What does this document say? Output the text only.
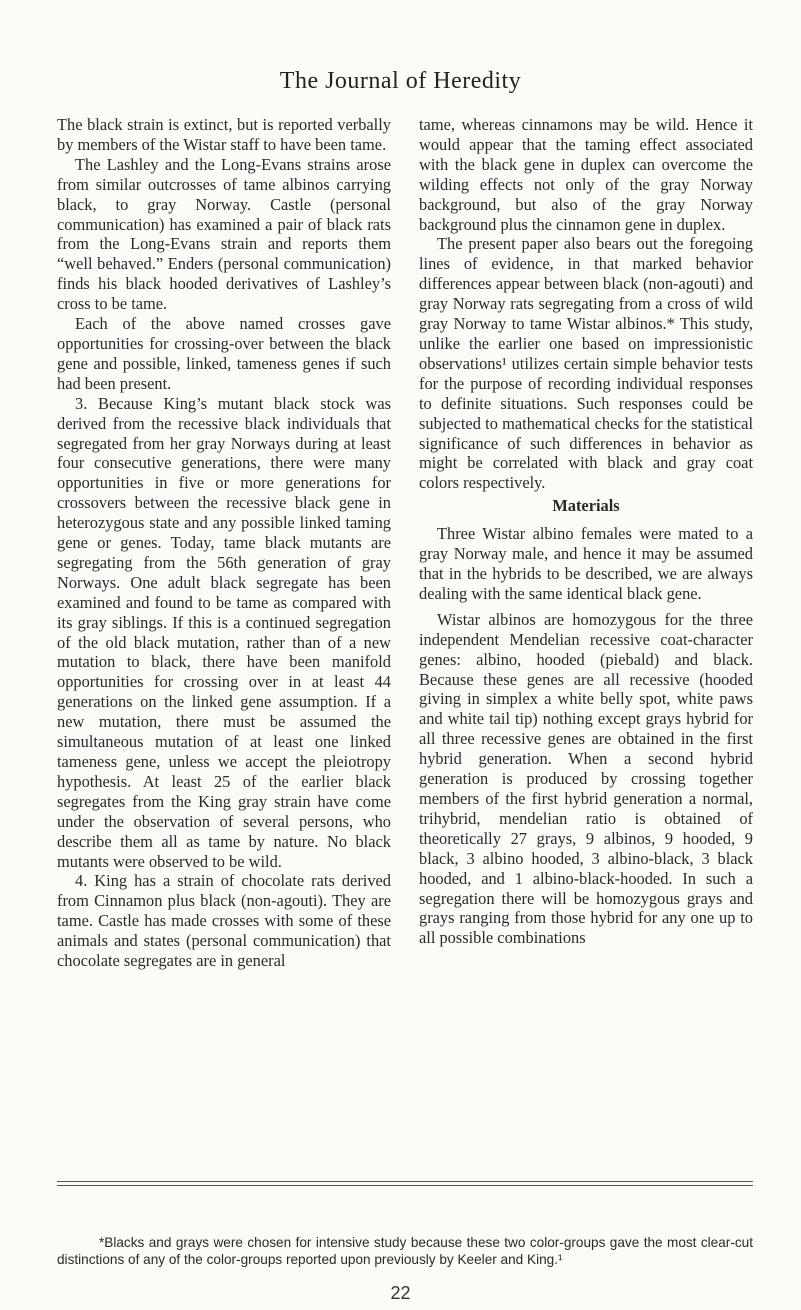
The Journal of Heredity

The black strain is extinct, but is reported verbally by members of the Wistar staff to have been tame.

The Lashley and the Long-Evans strains arose from similar outcrosses of tame albinos carrying black, to gray Norway. Castle (personal communication) has examined a pair of black rats from the Long-Evans strain and reports them “well behaved.” Enders (personal communication) finds his black hooded derivatives of Lashley’s cross to be tame.

Each of the above named crosses gave opportunities for crossing-over between the black gene and possible, linked, tameness genes if such had been present.

3. Because King’s mutant black stock was derived from the recessive black individuals that segregated from her gray Norways during at least four consecutive generations, there were many opportunities in five or more generations for crossovers between the recessive black gene in heterozygous state and any possible linked taming gene or genes. Today, tame black mutants are segregating from the 56th generation of gray Norways. One adult black segregate has been examined and found to be tame as compared with its gray siblings. If this is a continued segregation of the old black mutation, rather than of a new mutation to black, there have been manifold opportunities for crossing over in at least 44 generations on the linked gene assumption. If a new mutation, there must be assumed the simultaneous mutation of at least one linked tameness gene, unless we accept the pleiotropy hypothesis. At least 25 of the earlier black segregates from the King gray strain have come under the observation of several persons, who describe them all as tame by nature. No black mutants were observed to be wild.

4. King has a strain of chocolate rats derived from Cinnamon plus black (non-agouti). They are tame. Castle has made crosses with some of these animals and states (personal communication) that chocolate segregates are in general

tame, whereas cinnamons may be wild. Hence it would appear that the taming effect associated with the black gene in duplex can overcome the wilding effects not only of the gray Norway background, but also of the gray Norway background plus the cinnamon gene in duplex.

The present paper also bears out the foregoing lines of evidence, in that marked behavior differences appear between black (non-agouti) and gray Norway rats segregating from a cross of wild gray Norway to tame Wistar albinos.* This study, unlike the earlier one based on impressionistic observations¹ utilizes certain simple behavior tests for the purpose of recording individual responses to definite situations. Such responses could be subjected to mathematical checks for the statistical significance of such differences in behavior as might be correlated with black and gray coat colors respectively.

Materials

Three Wistar albino females were mated to a gray Norway male, and hence it may be assumed that in the hybrids to be described, we are always dealing with the same identical black gene.

Wistar albinos are homozygous for the three independent Mendelian recessive coat-character genes: albino, hooded (piebald) and black. Because these genes are all recessive (hooded giving in simplex a white belly spot, white paws and white tail tip) nothing except grays hybrid for all three recessive genes are obtained in the first hybrid generation. When a second hybrid generation is produced by crossing together members of the first hybrid generation a normal, trihybrid, mendelian ratio is obtained of theoretically 27 grays, 9 albinos, 9 hooded, 9 black, 3 albino hooded, 3 albino-black, 3 black hooded, and 1 albino-black-hooded. In such a segregation there will be homozygous grays and grays ranging from those hybrid for any one up to all possible combinations

*Blacks and grays were chosen for intensive study because these two color-groups gave the most clear-cut distinctions of any of the color-groups reported upon previously by Keeler and King.¹
22
